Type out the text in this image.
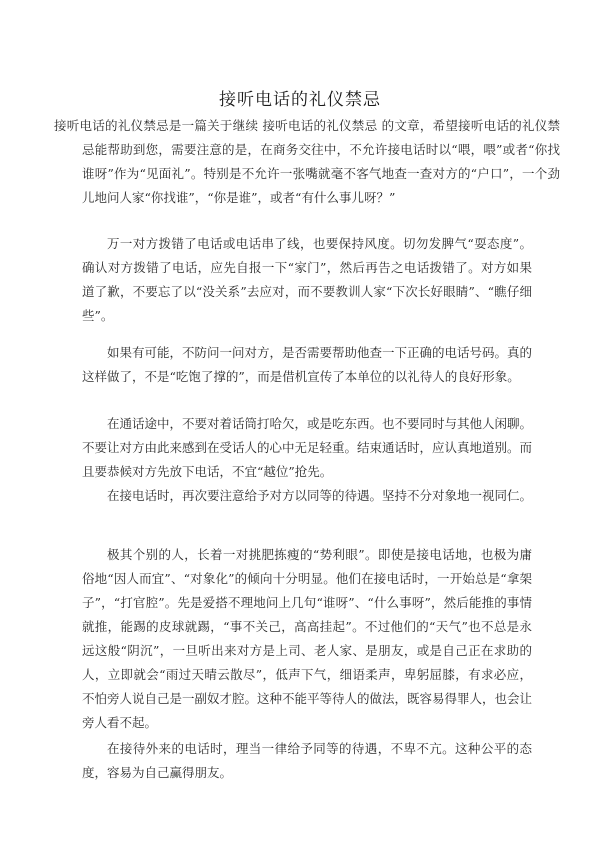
接听电话的礼仪禁忌

接听电话的礼仪禁忌是一篇关于继续 接听电话的礼仪禁忌 的文章，希望接听电话的礼仪禁忌能帮助到您，需要注意的是，在商务交往中，不允许接电话时以“喂，喂”或者“你找谁呀”作为“见面礼”。特别是不允许一张嘴就毫不客气地查一查对方的“户口”，一个劲儿地问人家“你找谁”，“你是谁”，或者“有什么事儿呀？”

万一对方拨错了电话或电话串了线，也要保持风度。切勿发脾气“耍态度”。确认对方拨错了电话，应先自报一下“家门”，然后再告之电话拨错了。对方如果道了歉，不要忘了以“没关系”去应对，而不要教训人家“下次长好眼睛”、“瞧仔细些”。

如果有可能，不防问一问对方，是否需要帮助他查一下正确的电话号码。真的这样做了，不是“吃饱了撑的”，而是借机宣传了本单位的以礼待人的良好形象。

在通话途中，不要对着话筒打哈欠，或是吃东西。也不要同时与其他人闲聊。不要让对方由此来感到在受话人的心中无足轻重。结束通话时，应认真地道别。而且要恭候对方先放下电话，不宜“越位”抢先。

在接电话时，再次要注意给予对方以同等的待遇。坚持不分对象地一视同仁。

极其个别的人，长着一对挑肥拣瘦的“势利眼”。即使是接电话地，也极为庸俗地“因人而宜”、“对象化”的倾向十分明显。他们在接电话时，一开始总是“拿架子”，“打官腔”。先是爱搭不理地问上几句“谁呀”、“什么事呀”，然后能推的事情就推，能踢的皮球就踢，“事不关己，高高挂起”。不过他们的“天气”也不总是永远这般“阴沉”，一旦听出来对方是上司、老人家、是朋友，或是自己正在求助的人，立即就会“雨过天晴云散尽”，低声下气，细语柔声，卑躬屈膝，有求必应，不怕旁人说自己是一副奴才腔。这种不能平等待人的做法，既容易得罪人，也会让旁人看不起。

在接待外来的电话时，理当一律给予同等的待遇，不卑不亢。这种公平的态度，容易为自己赢得朋友。
